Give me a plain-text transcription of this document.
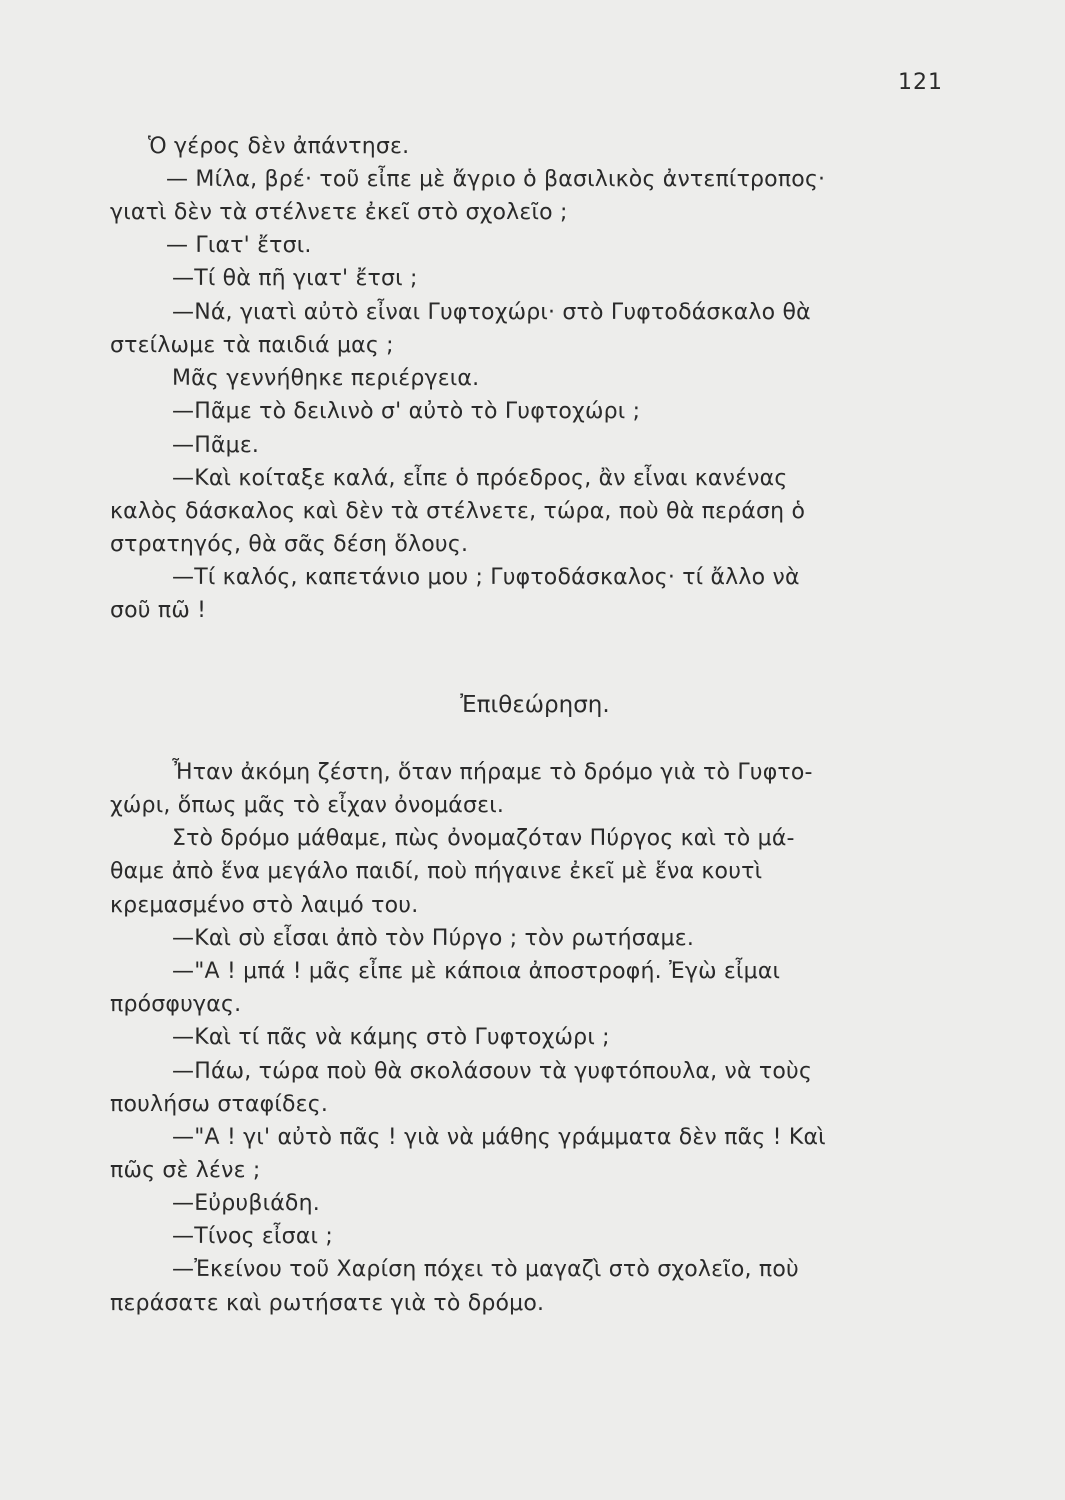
121
Ὁ γέρος δὲν ἀπάντησε.
— Μίλα, βρέ· τοῦ εἶπε μὲ ἄγριο ὁ βασιλικὸς ἀντεπίτροπος·
γιατὶ δὲν τὰ στέλνετε ἐκεῖ στὸ σχολεῖο ;
— Γιατ' ἔτσι.
—Τί θὰ πῆ γιατ' ἔτσι ;
—Νά, γιατὶ αὐτὸ εἶναι Γυφτοχώρι· στὸ Γυφτοδάσκαλο θὰ
στείλωμε τὰ παιδιά μας ;
Μᾶς γεννήθηκε περιέργεια.
—Πᾶμε τὸ δειλινὸ σ' αὐτὸ τὸ Γυφτοχώρι ;
—Πᾶμε.
—Καὶ κοίταξε καλά, εἶπε ὁ πρόεδρος, ἂν εἶναι κανένας
καλὸς δάσκαλος καὶ δὲν τὰ στέλνετε, τώρα, ποὺ θὰ περάση ὁ
στρατηγός, θὰ σᾶς δέση ὅλους.
—Τί καλός, καπετάνιο μου ; Γυφτοδάσκαλος· τί ἄλλο νὰ
σοῦ πῶ !
Ἐπιθεώρηση.
Ἦταν ἀκόμη ζέστη, ὅταν πήραμε τὸ δρόμο γιὰ τὸ Γυφτο-
χώρι, ὅπως μᾶς τὸ εἶχαν ὀνομάσει.
Στὸ δρόμο μάθαμε, πὼς ὀνομαζόταν Πύργος καὶ τὸ μά-
θαμε ἀπὸ ἕνα μεγάλο παιδί, ποὺ πήγαινε ἐκεῖ μὲ ἕνα κουτὶ
κρεμασμένο στὸ λαιμό του.
—Καὶ σὺ εἶσαι ἀπὸ τὸν Πύργο ; τὸν ρωτήσαμε.
—"Α ! μπά ! μᾶς εἶπε μὲ κάποια ἀποστροφή. Ἐγὼ εἶμαι
πρόσφυγας.
—Καὶ τί πᾶς νὰ κάμης στὸ Γυφτοχώρι ;
—Πάω, τώρα ποὺ θὰ σκολάσουν τὰ γυφτόπουλα, νὰ τοὺς
πουλήσω σταφίδες.
—"Α ! γι' αὐτὸ πᾶς ! γιὰ νὰ μάθης γράμματα δὲν πᾶς ! Καὶ
πῶς σὲ λένε ;
—Εὐρυβιάδη.
—Τίνος εἶσαι ;
—Ἐκείνου τοῦ Χαρίση πόχει τὸ μαγαζὶ στὸ σχολεῖο, ποὺ
περάσατε καὶ ρωτήσατε γιὰ τὸ δρόμο.
